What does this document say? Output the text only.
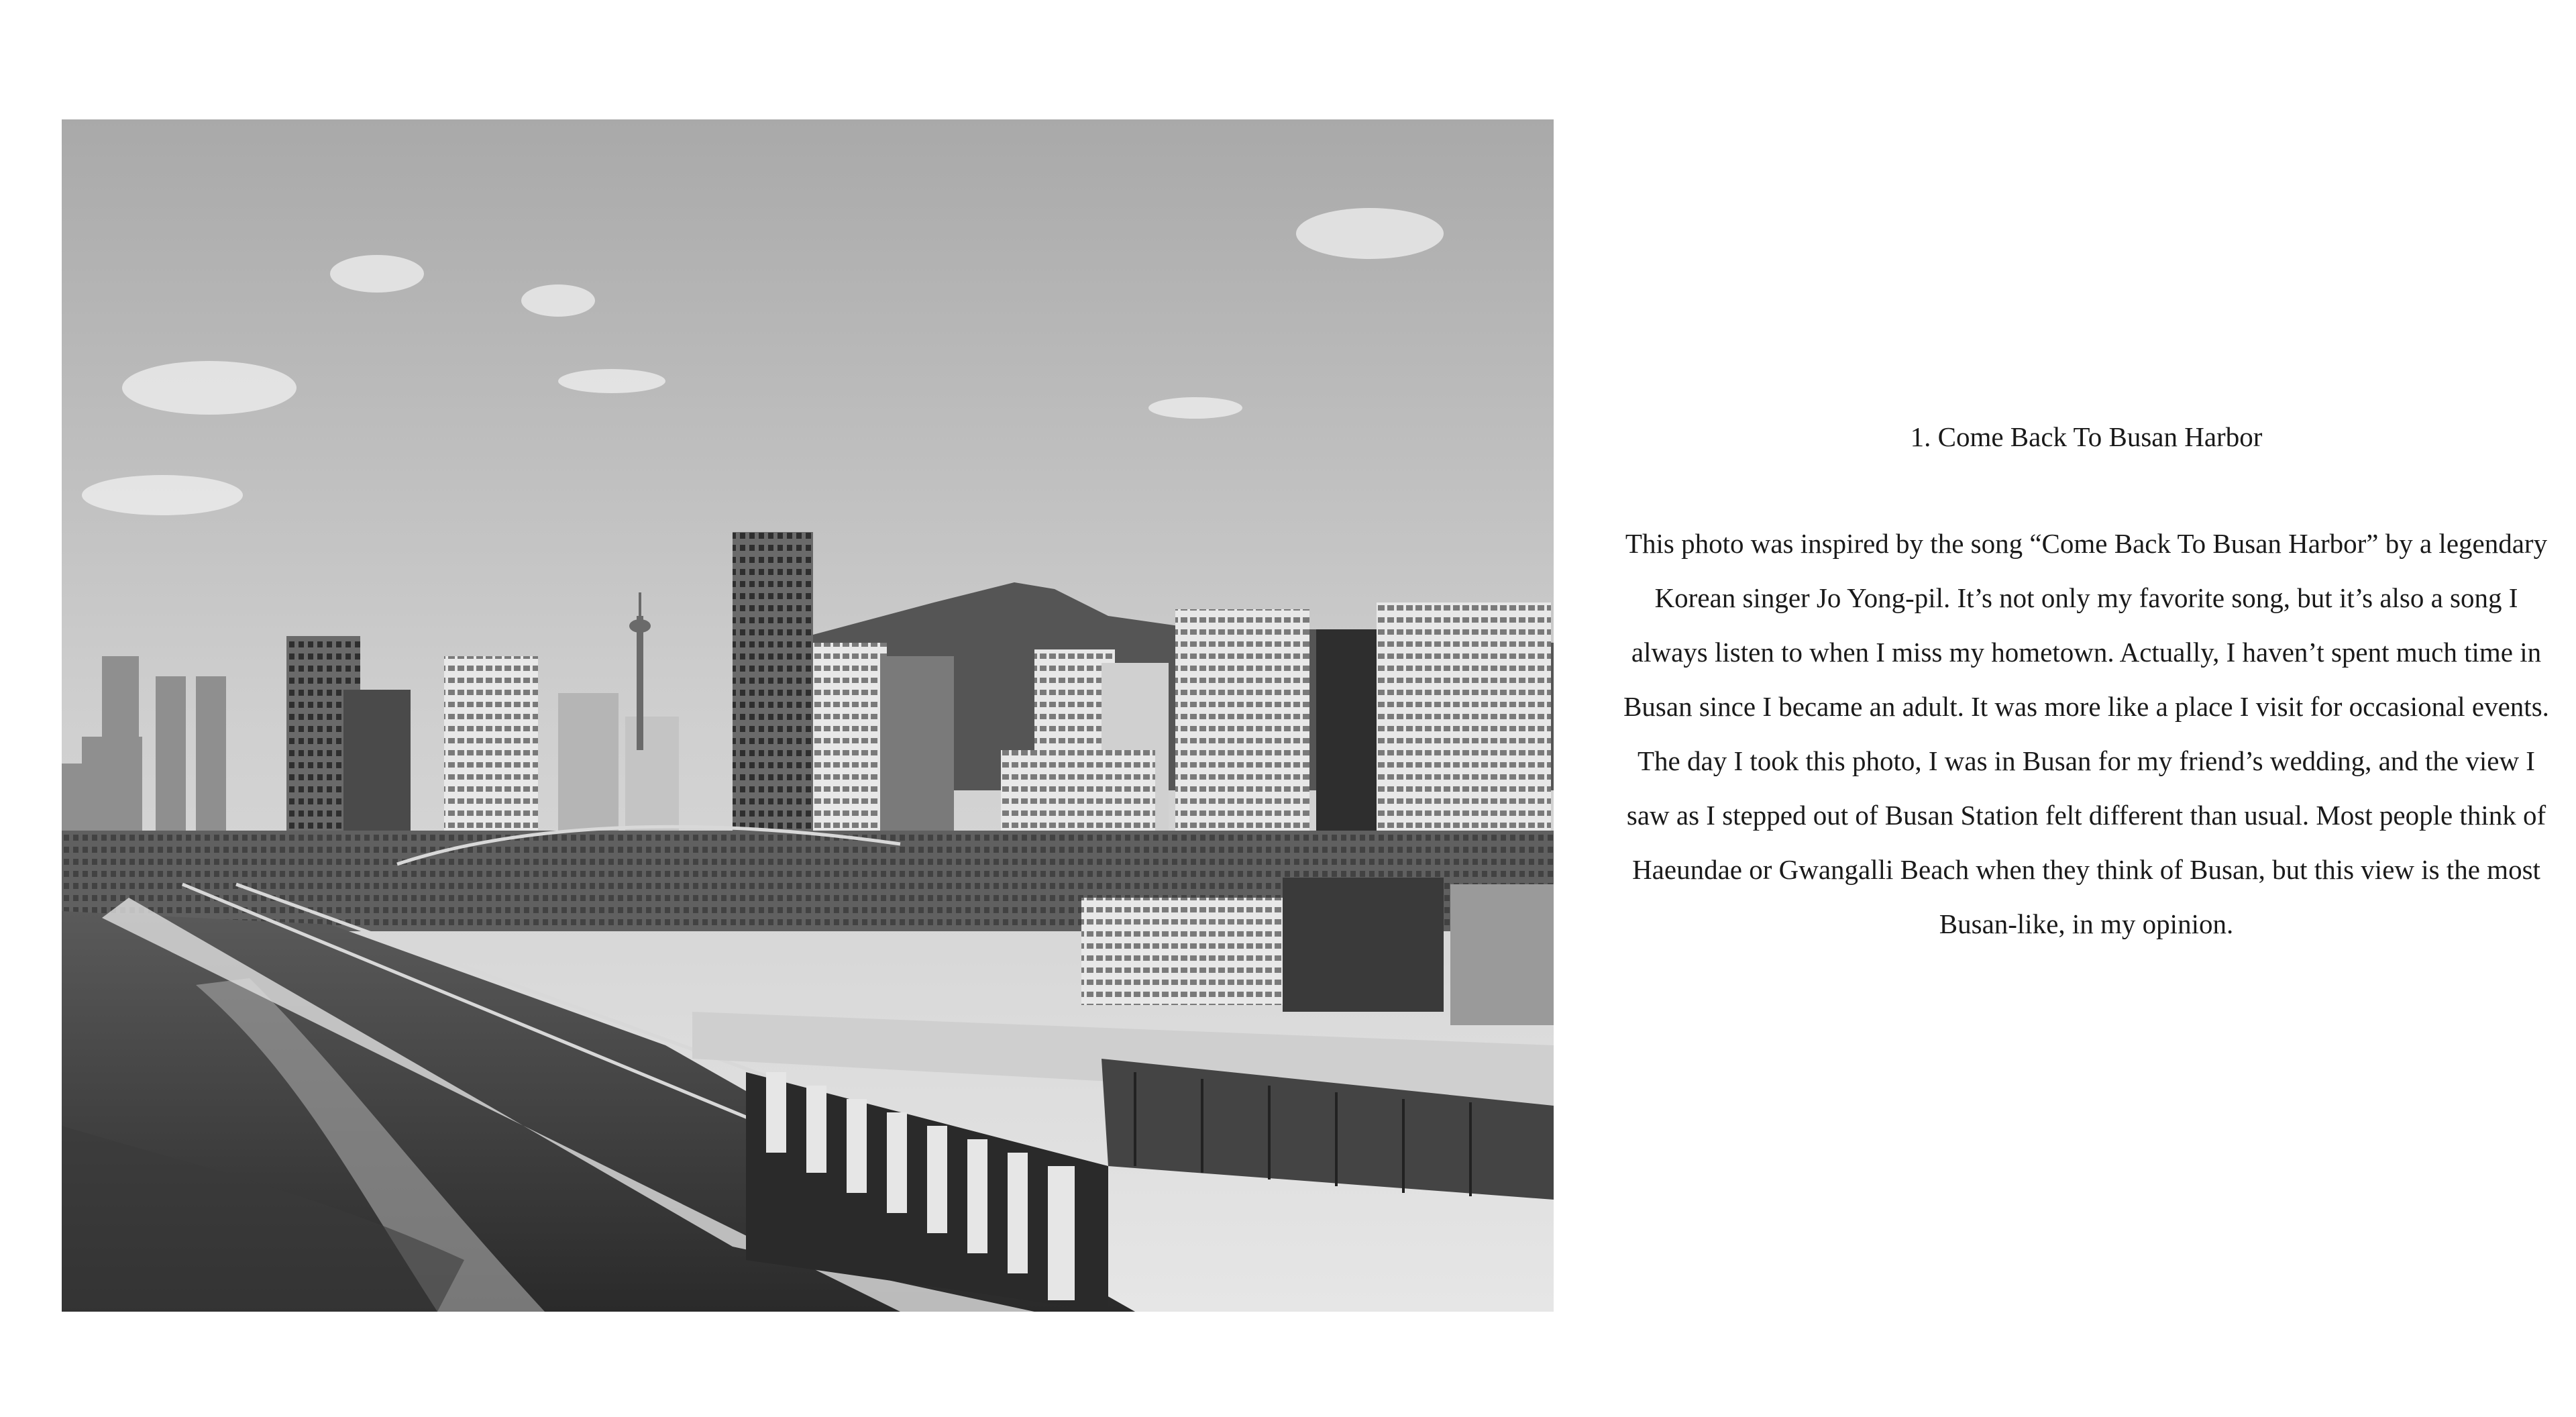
1. Come Back To Busan Harbor
This photo was inspired by the song “Come Back To Busan Harbor” by a legendary
Korean singer Jo Yong-pil. It’s not only my favorite song, but it’s also a song I
always listen to when I miss my hometown. Actually, I haven’t spent much time in
Busan since I became an adult. It was more like a place I visit for occasional events.
The day I took this photo, I was in Busan for my friend’s wedding, and the view I
saw as I stepped out of Busan Station felt different than usual. Most people think of
Haeundae or Gwangalli Beach when they think of Busan, but this view is the most
Busan-like, in my opinion.
